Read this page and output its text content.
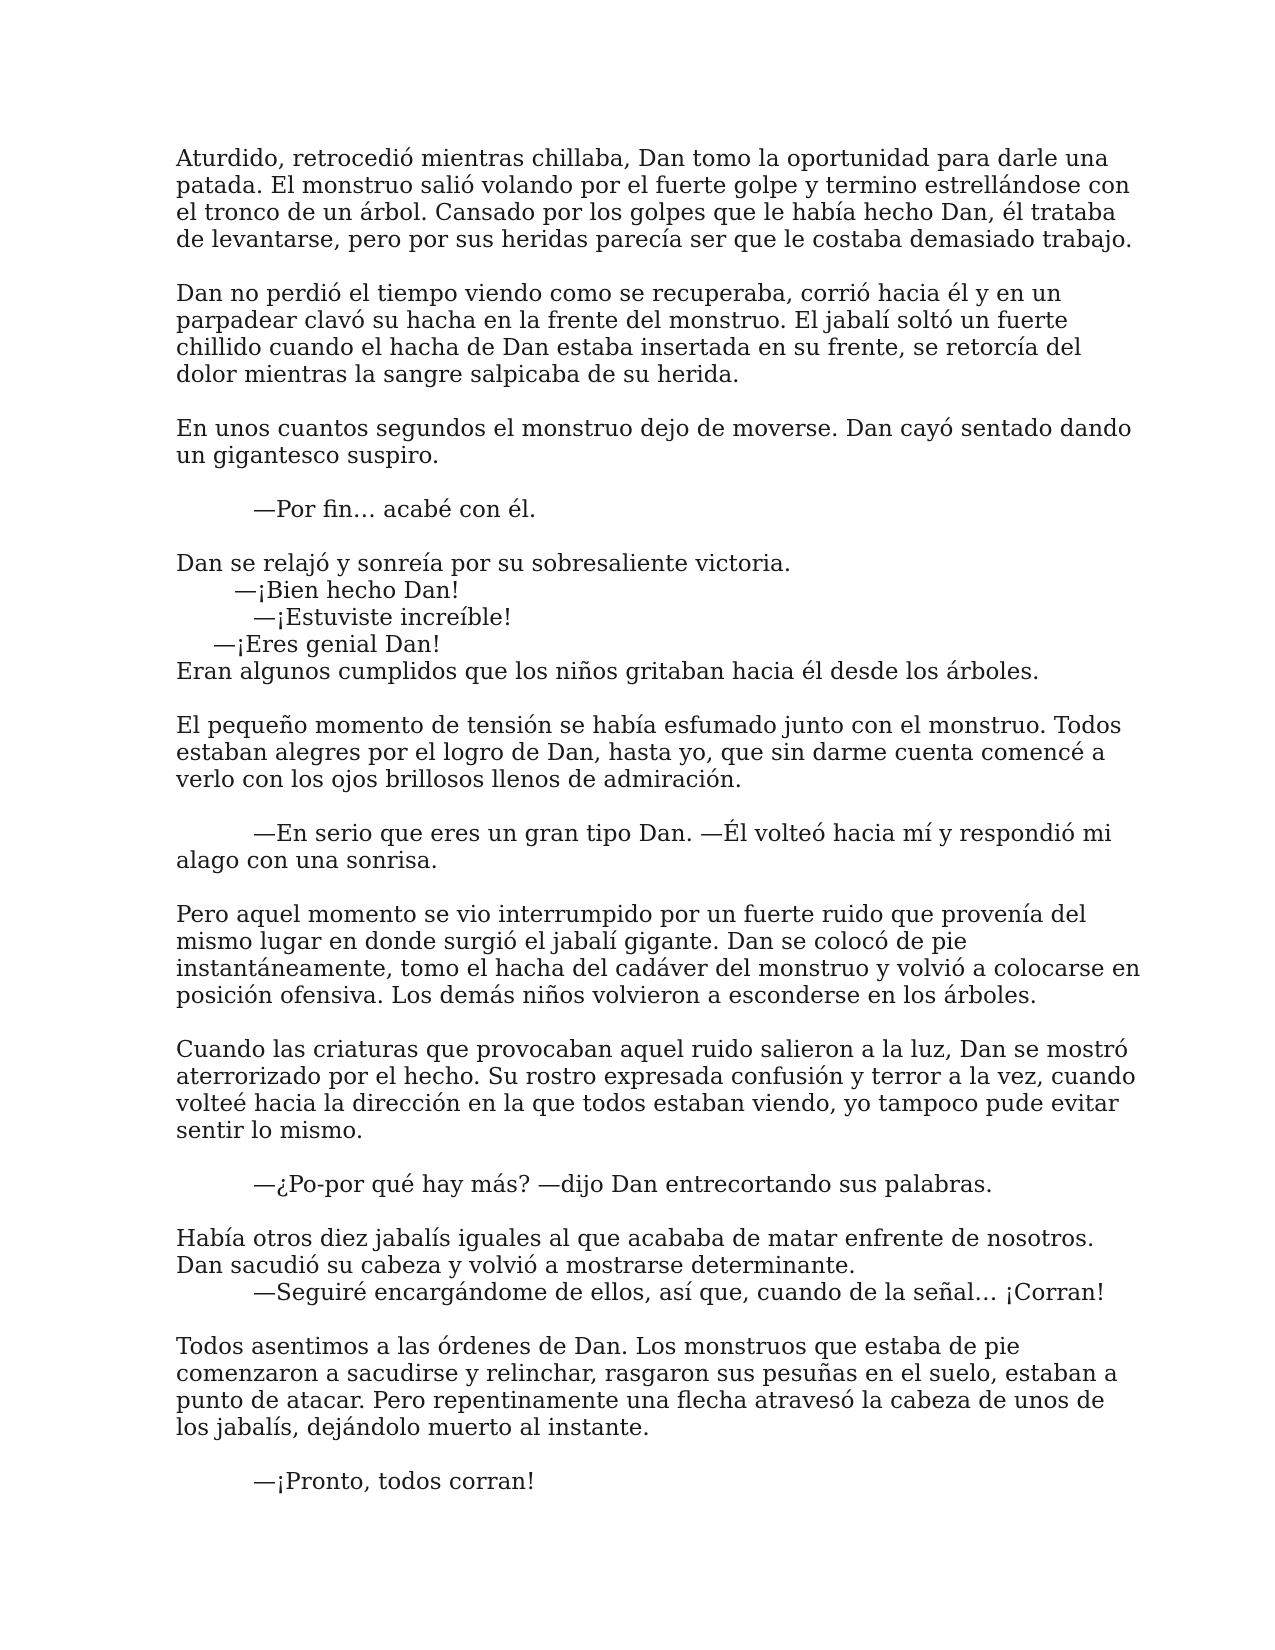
Aturdido, retrocedió mientras chillaba, Dan tomo la oportunidad para darle una
patada. El monstruo salió volando por el fuerte golpe y termino estrellándose con
el tronco de un árbol. Cansado por los golpes que le había hecho Dan, él trataba
de levantarse, pero por sus heridas parecía ser que le costaba demasiado trabajo.
Dan no perdió el tiempo viendo como se recuperaba, corrió hacia él y en un
parpadear clavó su hacha en la frente del monstruo. El jabalí soltó un fuerte
chillido cuando el hacha de Dan estaba insertada en su frente, se retorcía del
dolor mientras la sangre salpicaba de su herida.
En unos cuantos segundos el monstruo dejo de moverse. Dan cayó sentado dando
un gigantesco suspiro.
—Por fin… acabé con él.
Dan se relajó y sonreía por su sobresaliente victoria.
—¡Bien hecho Dan!
—¡Estuviste increíble!
—¡Eres genial Dan!
Eran algunos cumplidos que los niños gritaban hacia él desde los árboles.
El pequeño momento de tensión se había esfumado junto con el monstruo. Todos
estaban alegres por el logro de Dan, hasta yo, que sin darme cuenta comencé a
verlo con los ojos brillosos llenos de admiración.
—En serio que eres un gran tipo Dan. —Él volteó hacia mí y respondió mi
alago con una sonrisa.
Pero aquel momento se vio interrumpido por un fuerte ruido que provenía del
mismo lugar en donde surgió el jabalí gigante. Dan se colocó de pie
instantáneamente, tomo el hacha del cadáver del monstruo y volvió a colocarse en
posición ofensiva. Los demás niños volvieron a esconderse en los árboles.
Cuando las criaturas que provocaban aquel ruido salieron a la luz, Dan se mostró
aterrorizado por el hecho. Su rostro expresada confusión y terror a la vez, cuando
volteé hacia la dirección en la que todos estaban viendo, yo tampoco pude evitar
sentir lo mismo.
—¿Po-por qué hay más? —dijo Dan entrecortando sus palabras.
Había otros diez jabalís iguales al que acababa de matar enfrente de nosotros.
Dan sacudió su cabeza y volvió a mostrarse determinante.
—Seguiré encargándome de ellos, así que, cuando de la señal… ¡Corran!
Todos asentimos a las órdenes de Dan. Los monstruos que estaba de pie
comenzaron a sacudirse y relinchar, rasgaron sus pesuñas en el suelo, estaban a
punto de atacar. Pero repentinamente una flecha atravesó la cabeza de unos de
los jabalís, dejándolo muerto al instante.
—¡Pronto, todos corran!
